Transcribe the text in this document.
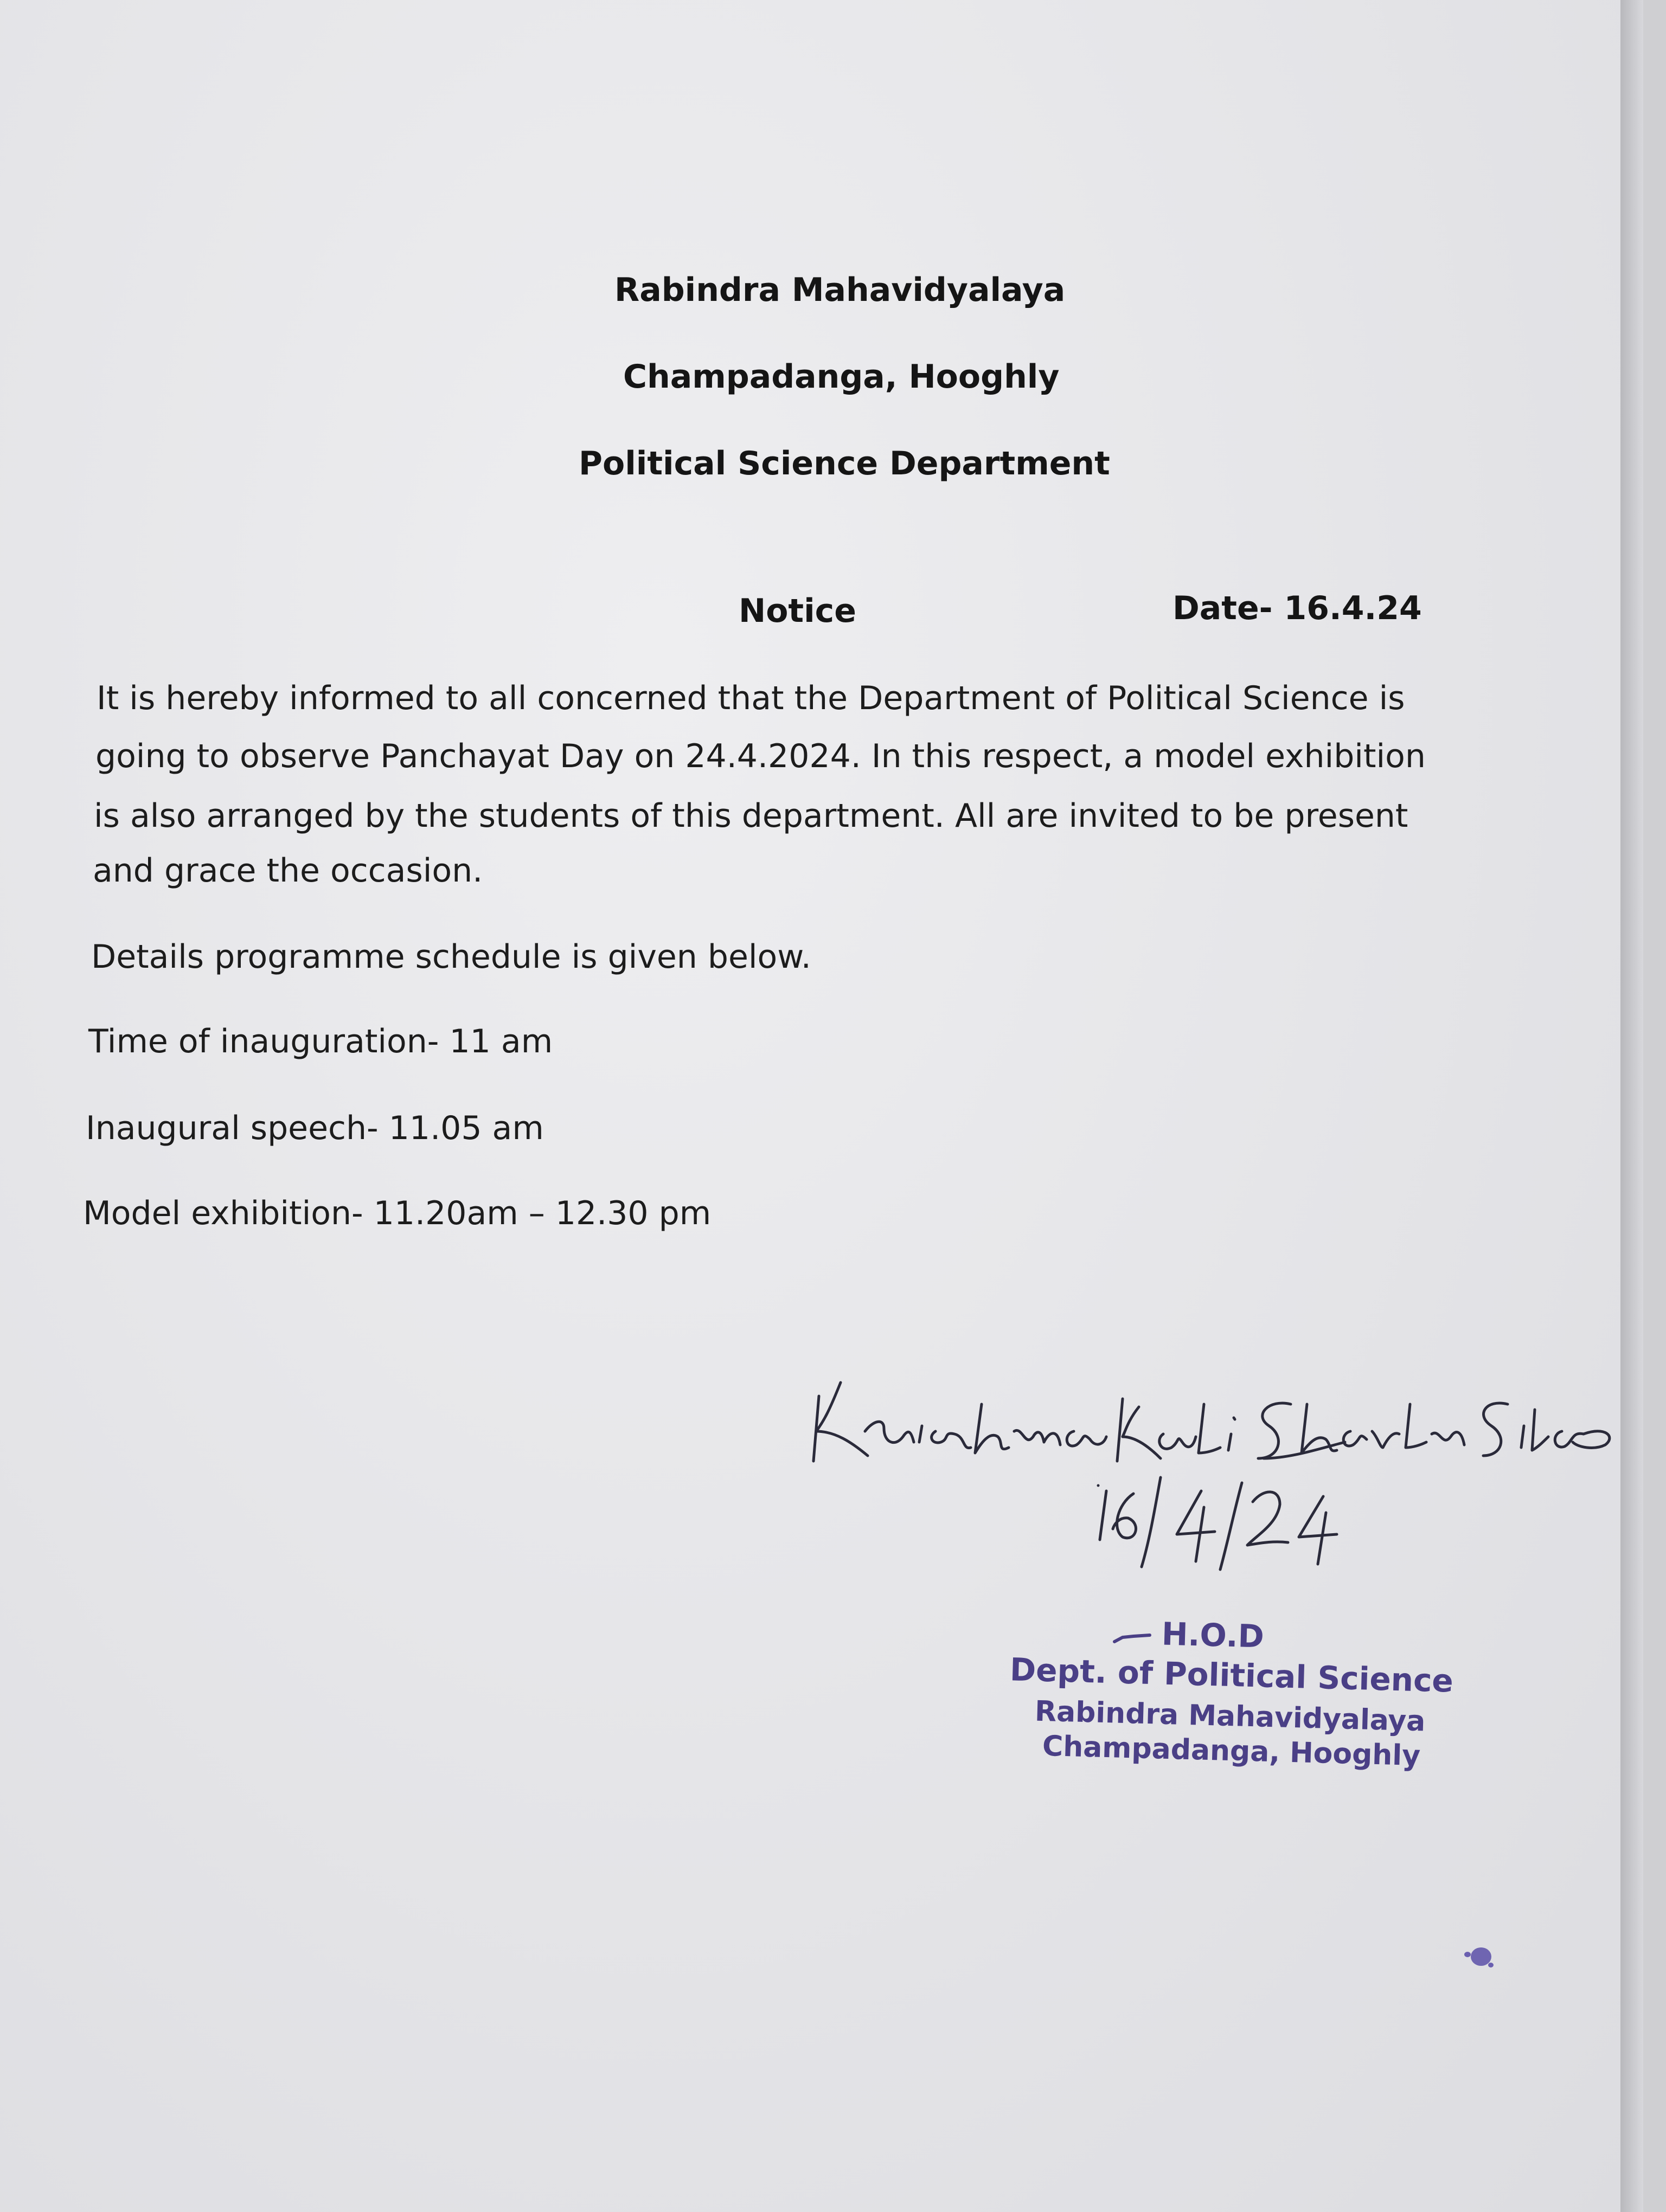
Rabindra Mahavidyalaya
Champadanga, Hooghly
Political Science Department
Notice	Date- 16.4.24
It is hereby informed to all concerned that the Department of Political Science is
going to observe Panchayat Day on 24.4.2024. In this respect, a model exhibition
is also arranged by the students of this department. All are invited to be present
and grace the occasion.
Details programme schedule is given below.
Time of inauguration- 11 am
Inaugural speech- 11.05 am
Model exhibition- 11.20am – 12.30 pm
H.O.D
Dept. of Political Science
Rabindra Mahavidyalaya
Champadanga, Hooghly
